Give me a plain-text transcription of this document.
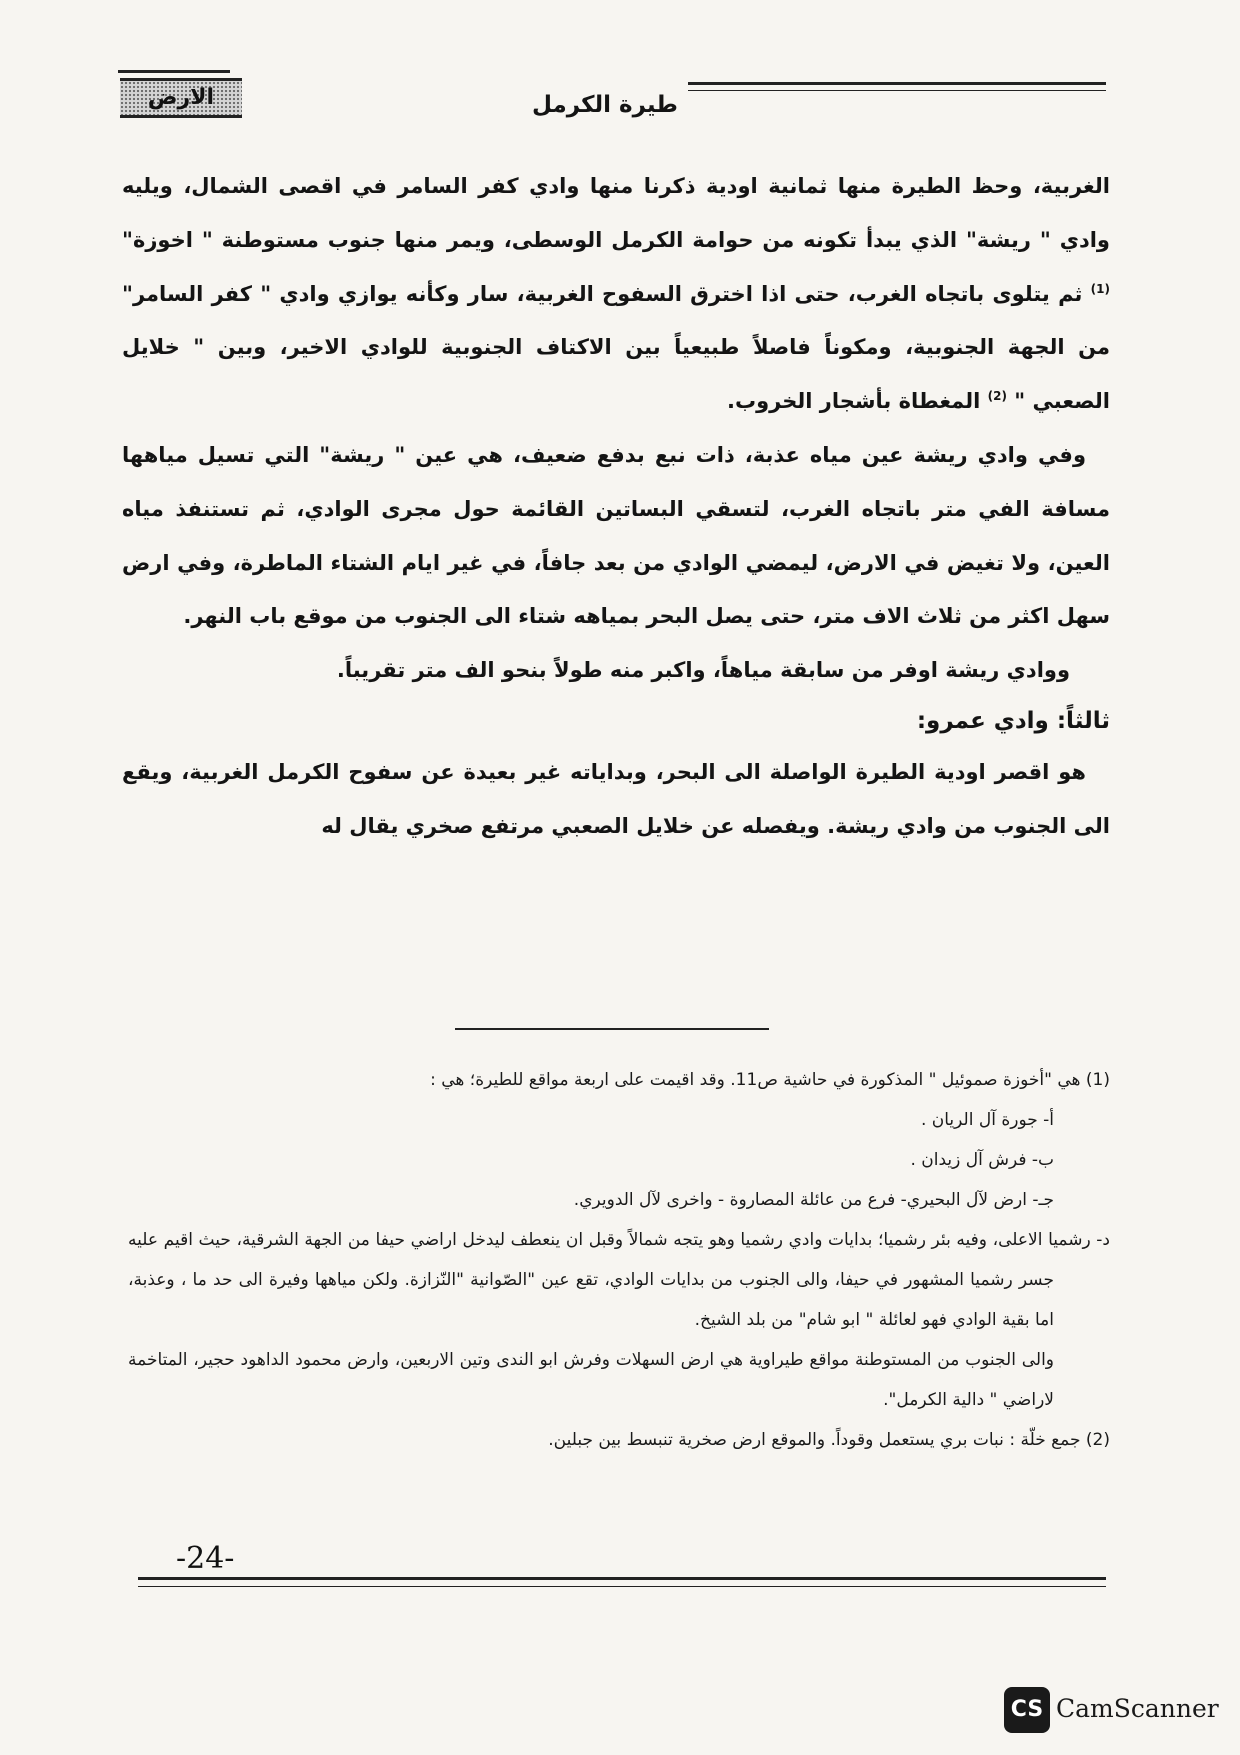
الارض	طيرة الكرمل

الغربية، وحظ الطيرة منها ثمانية اودية ذكرنا منها وادي كفر السامر في اقصى الشمال، ويليه وادي " ريشة" الذي يبدأ تكونه من حوامة الكرمل الوسطى، ويمر منها جنوب مستوطنة " اخوزة" $^{(1)}$ ثم يتلوى باتجاه الغرب، حتى اذا اخترق السفوح الغربية، سار وكأنه يوازي وادي " كفر السامر" من الجهة الجنوبية، ومكوناً فاصلاً طبيعياً بين الاكتاف الجنوبية للوادي الاخير، وبين " خلايل الصعبي " $^{(2)}$ المغطاة بأشجار الخروب.

وفي وادي ريشة عين مياه عذبة، ذات نبع بدفع ضعيف، هي عين " ريشة" التي تسيل مياهها مسافة الفي متر باتجاه الغرب، لتسقي البساتين القائمة حول مجرى الوادي، ثم تستنفذ مياه العين، ولا تغيض في الارض، ليمضي الوادي من بعد جافاً، في غير ايام الشتاء الماطرة، وفي ارض سهل اكثر من ثلاث الاف متر، حتى يصل البحر بمياهه شتاء الى الجنوب من موقع باب النهر.

ووادي ريشة اوفر من سابقة مياهاً، واكبر منه طولاً بنحو الف متر تقريباً.

ثالثاً: وادي عمرو:

هو اقصر اودية الطيرة الواصلة الى البحر، وبداياته غير بعيدة عن سفوح الكرمل الغربية، ويقع الى الجنوب من وادي ريشة. ويفصله عن خلايل الصعبي مرتفع صخري يقال له

(1) هي "أخوزة صموئيل " المذكورة في حاشية ص11. وقد اقيمت على اربعة مواقع للطيرة؛ هي :

أ- جورة آل الريان .

ب- فرش آل زيدان .

جـ- ارض لآل البحيري- فرع من عائلة المصاروة - واخرى لآل الدويري.

د- رشميا الاعلى، وفيه بئر رشميا؛ بدايات وادي رشميا وهو يتجه شمالاً وقبل ان ينعطف ليدخل اراضي حيفا من الجهة الشرقية، حيث اقيم عليه جسر رشميا المشهور في حيفا، والى الجنوب من بدايات الوادي، تقع عين "الصّوانية "النّزازة. ولكن مياهها وفيرة الى حد ما ، وعذبة، اما بقية الوادي فهو لعائلة " ابو شام" من بلد الشيخ.

والى الجنوب من المستوطنة مواقع طيراوية هي ارض السهلات وفرش ابو الندى وتين الاربعين، وارض محمود الداهود حجير، المتاخمة لاراضي " دالية الكرمل".

(2) جمع خلّة : نبات بري يستعمل وقوداً. والموقع ارض صخرية تنبسط بين جبلين.

-24-
CS CamScanner
